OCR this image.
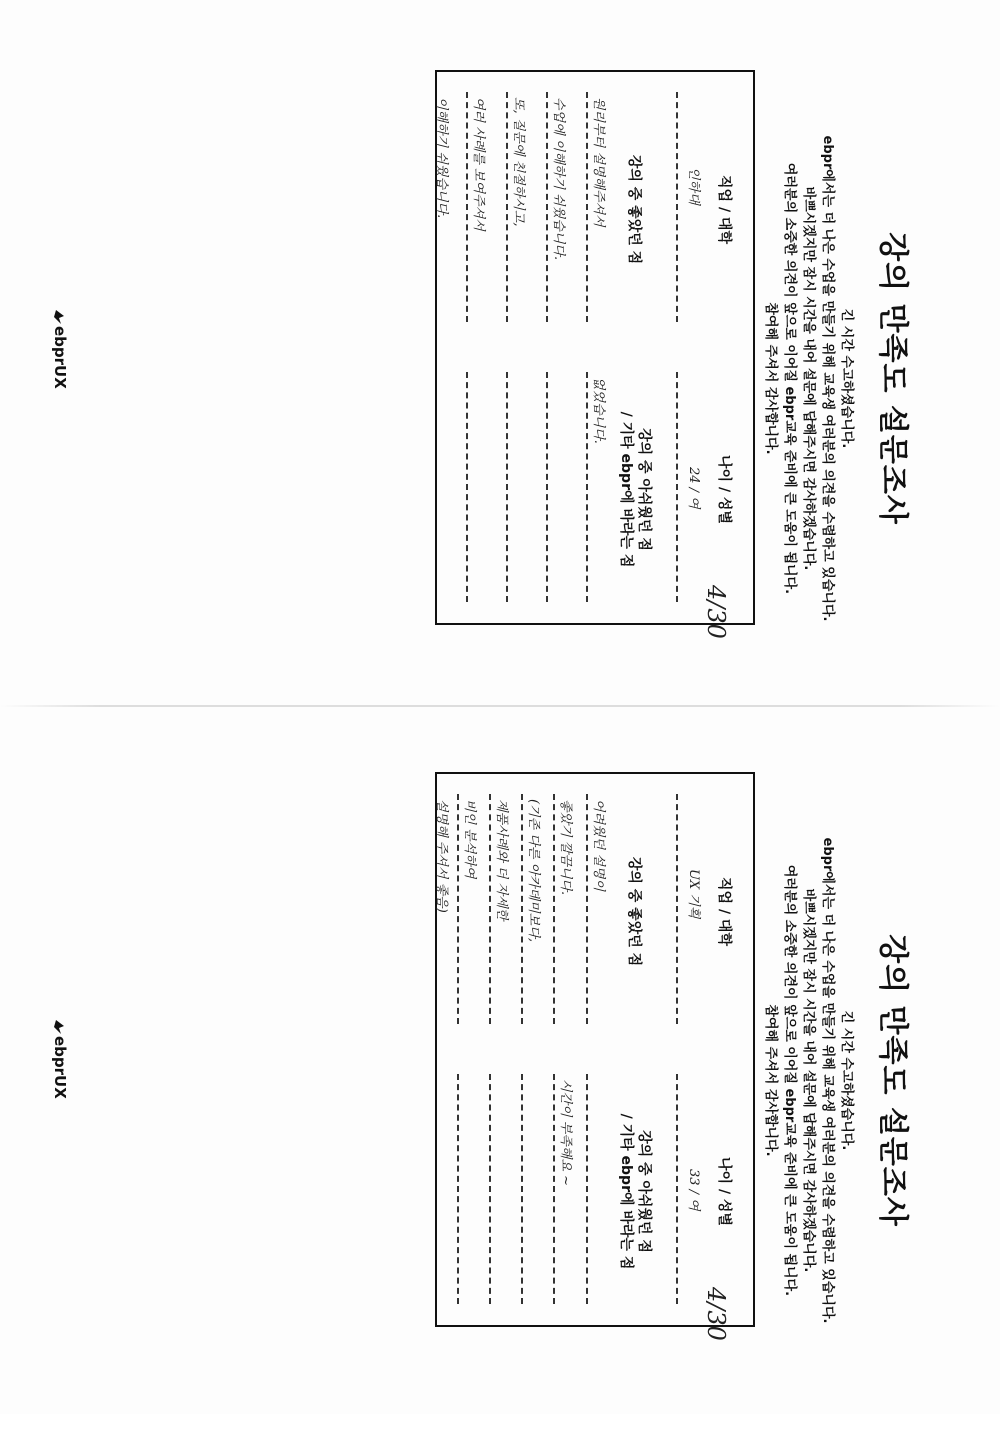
강의 만족도 설문조사
긴 시간 수고하셨습니다.
ebpr에서는 더 나은 수업을 만들기 위해 교육생 여러분의 의견을 수렴하고 있습니다.
바쁘시겠지만 잠시 시간을 내어 설문에 답해주시면 감사하겠습니다.
여러분의 소중한 의견이 앞으로 이어질 ebpr교육 준비에 큰 도움이 됩니다.
참여해 주셔서 감사합니다.
직업 / 대학
나이 / 성별
인하대
24 / 여
강의 중 좋았던 점
강의 중 아쉬웠던 점
/ 기타 ebpr에 바라는 점
원리부터 설명해주셔서
수업에 이해하기 쉬웠습니다.
또, 질문에 친절하시고,
여러 사례를 보여주셔서
이해하기 쉬웠습니다.
없었습니다.
4/30
강의 만족도 설문조사
긴 시간 수고하셨습니다.
ebpr에서는 더 나은 수업을 만들기 위해 교육생 여러분의 의견을 수렴하고 있습니다.
바쁘시겠지만 잠시 시간을 내어 설문에 답해주시면 감사하겠습니다.
여러분의 소중한 의견이 앞으로 이어질 ebpr교육 준비에 큰 도움이 됩니다.
참여해 주셔서 감사합니다.
직업 / 대학
나이 / 성별
UX 기획
33 / 여
강의 중 좋았던 점
강의 중 아쉬웠던 점
/ 기타 ebpr에 바라는 점
어려웠던 설명이
좋았기 깔끔니다.
(기존 다른 아카데미보다,
제품사례와 더 자세한
비인 분석하여
설명해 주셔서 좋음)
시간이 부족해요 ~
4/30
ebprUX
ebprUX
